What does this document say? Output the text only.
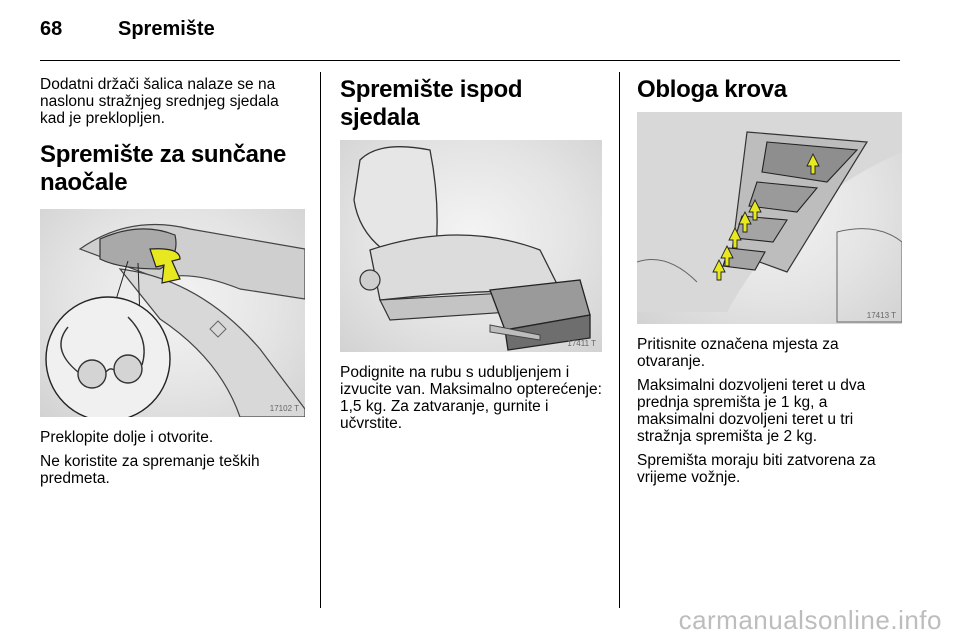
68	Spremište

Dodatni držači šalica nalaze se na naslonu stražnjeg srednjeg sjedala kad je preklopljen.

Spremište za sunčane naočale
17102 T

Preklopite dolje i otvorite.

Ne koristite za spremanje teških predmeta.

Spremište ispod sjedala
17411 T

Podignite na rubu s udubljenjem i izvucite van. Maksimalno opterećenje: 1,5 kg. Za zatvaranje, gurnite i učvrstite.

Obloga krova
17413 T

Pritisnite označena mjesta za otvaranje.

Maksimalni dozvoljeni teret u dva prednja spremišta je 1 kg, a maksimalni dozvoljeni teret u tri stražnja spremišta je 2 kg.

Spremišta moraju biti zatvorena za vrijeme vožnje.

carmanualsonline.info
